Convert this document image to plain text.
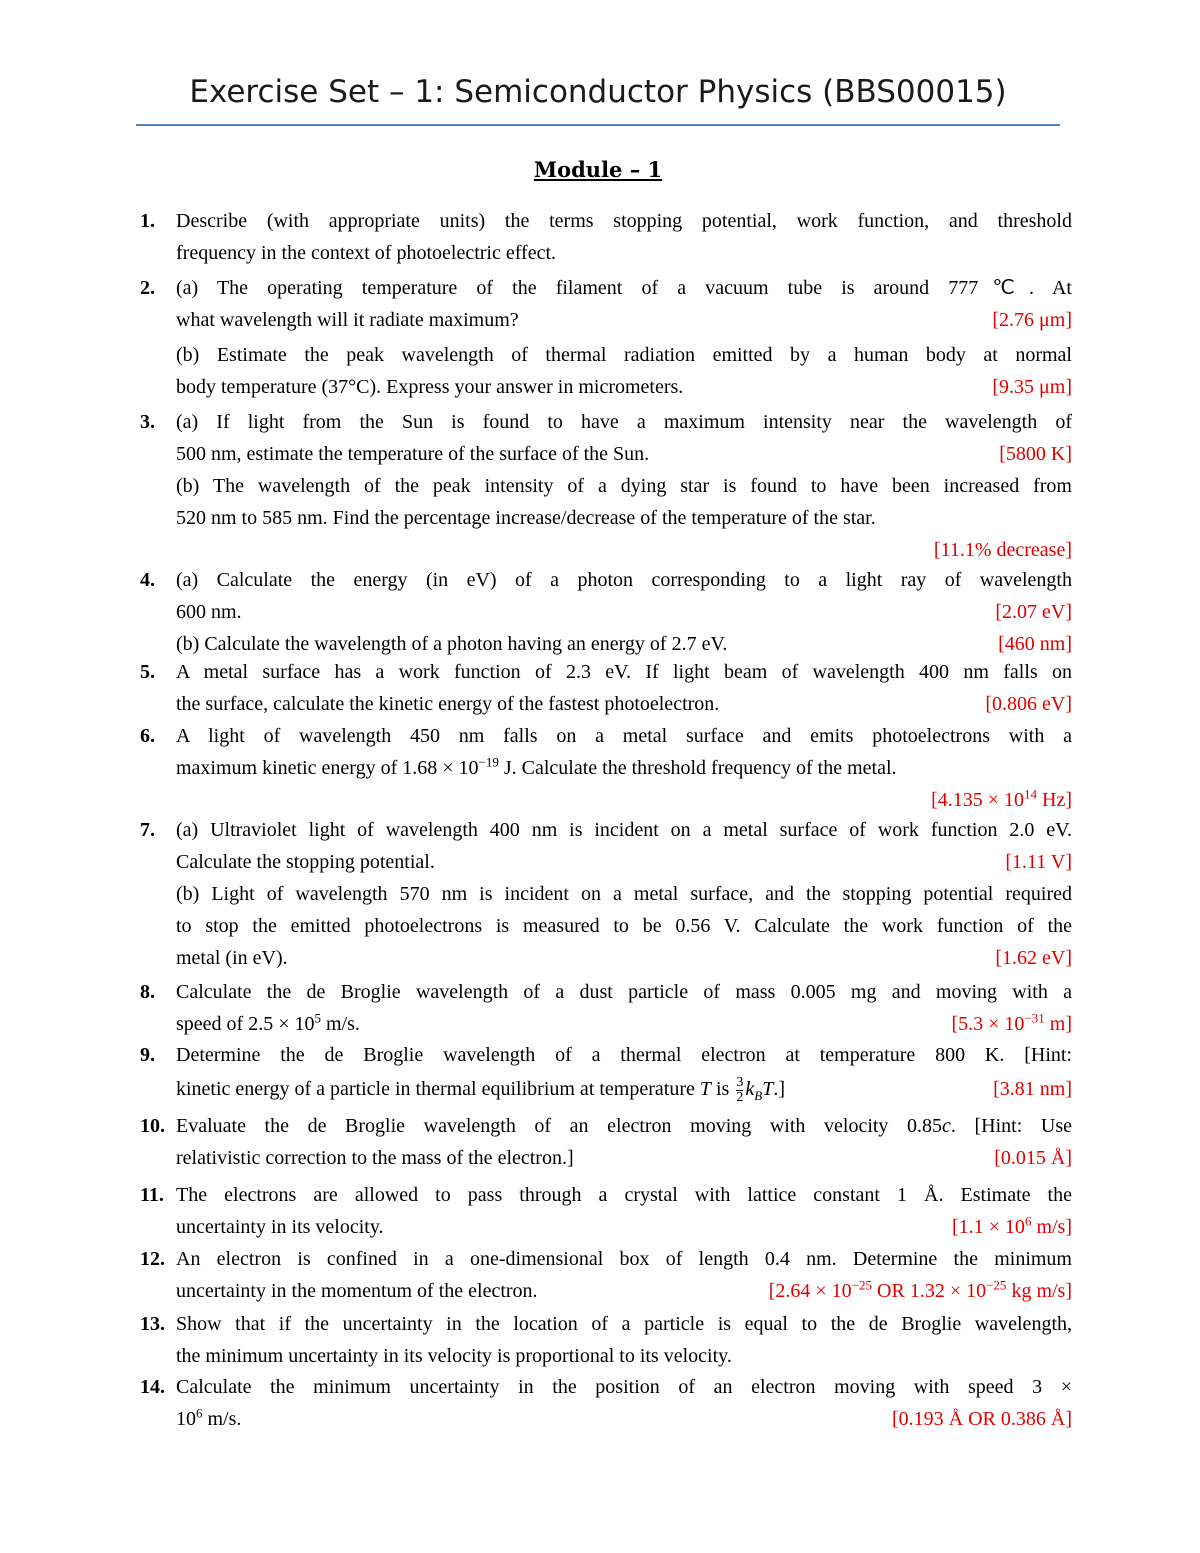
Exercise Set – 1: Semiconductor Physics (BBS00015)
Module – 1
1. Describe (with appropriate units) the terms stopping potential, work function, and threshold
frequency in the context of photoelectric effect.
2. (a) The operating temperature of the filament of a vacuum tube is around 777℃. At
what wavelength will it radiate maximum?	[2.76 μm]
(b) Estimate the peak wavelength of thermal radiation emitted by a human body at normal
body temperature (37°C). Express your answer in micrometers.	[9.35 μm]
3. (a) If light from the Sun is found to have a maximum intensity near the wavelength of
500 nm, estimate the temperature of the surface of the Sun.	[5800 K]
(b) The wavelength of the peak intensity of a dying star is found to have been increased from
520 nm to 585 nm. Find the percentage increase/decrease of the temperature of the star.
[11.1% decrease]
4. (a) Calculate the energy (in eV) of a photon corresponding to a light ray of wavelength
600 nm.	[2.07 eV]
(b) Calculate the wavelength of a photon having an energy of 2.7 eV.	[460 nm]
5. A metal surface has a work function of 2.3 eV. If light beam of wavelength 400 nm falls on
the surface, calculate the kinetic energy of the fastest photoelectron.	[0.806 eV]
6. A light of wavelength 450 nm falls on a metal surface and emits photoelectrons with a
maximum kinetic energy of $1.68 \times 10^{-19}$ J. Calculate the threshold frequency of the metal.
[$4.135 \times 10^{14}$ Hz]
7. (a) Ultraviolet light of wavelength 400 nm is incident on a metal surface of work function 2.0 eV.
Calculate the stopping potential.	[1.11 V]
(b) Light of wavelength 570 nm is incident on a metal surface, and the stopping potential required
to stop the emitted photoelectrons is measured to be 0.56 V. Calculate the work function of the
metal (in eV).	[1.62 eV]
8. Calculate the de Broglie wavelength of a dust particle of mass 0.005 mg and moving with a
speed of $2.5 \times 10^5$ m/s.	[$5.3 \times 10^{-31}$ m]
9. Determine the de Broglie wavelength of a thermal electron at temperature 800 K. [Hint:
kinetic energy of a particle in thermal equilibrium at temperature T is $\frac{3}{2} k_BT$.]	[3.81 nm]
10. Evaluate the de Broglie wavelength of an electron moving with velocity 0.85c. [Hint: Use
relativistic correction to the mass of the electron.]	[0.015 Å]
11. The electrons are allowed to pass through a crystal with lattice constant 1 Å. Estimate the
uncertainty in its velocity.	[$1.1 \times 10^6$ m/s]
12. An electron is confined in a one-dimensional box of length 0.4 nm. Determine the minimum
uncertainty in the momentum of the electron.	[$2.64 \times 10^{-25}$ OR $1.32 \times 10^{-25}$ kg m/s]
13. Show that if the uncertainty in the location of a particle is equal to the de Broglie wavelength,
the minimum uncertainty in its velocity is proportional to its velocity.
14. Calculate the minimum uncertainty in the position of an electron moving with speed 3 ×
$10^6$ m/s.	[0.193 Å OR 0.386 Å]
